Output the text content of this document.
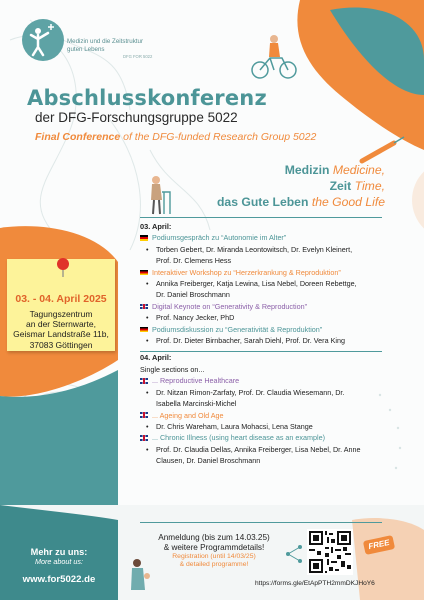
Medizin und die Zeitstruktur
guten Lebens
DFG FOR 5022
Abschlusskonferenz
der DFG-Forschungsgruppe 5022
Final Conference of the DFG-funded Research Group 5022
Medizin Medicine,
Zeit Time,
das Gute Leben the Good Life
03. - 04. April 2025
Tagungszentrum
an der Sternwarte,
Geismar Landstraße 11b,
37083 Göttingen
03. April:
Podiumsgespräch zu “Autonomie im Alter”
•	Torben Gebert, Dr. Miranda Leontowitsch, Dr. Evelyn Kleinert,
Prof. Dr. Clemens Hess
Interaktiver Workshop zu “Herzerkrankung & Reproduktion”
•	Annika Freiberger, Katja Lewina, Lisa Nebel, Doreen Rebettge,
Dr. Daniel Broschmann
Digital Keynote on “Generativity & Reproduction”
•	Prof. Nancy Jecker, PhD
Podiumsdiskussion zu “Generativität & Reproduktion”
•	Prof. Dr. Dieter Birnbacher, Sarah Diehl, Prof. Dr. Vera King
04. April:
Single sections on...
... Reproductive Healthcare
•	Dr. Nitzan Rimon-Zarfaty, Prof. Dr. Claudia Wiesemann, Dr.
Isabella Marcinski-Michel
... Ageing and Old Age
•	Dr. Chris Wareham, Laura Mohacsi, Lena Stange
... Chronic Illness (using heart disease as an example)
•	Prof. Dr. Claudia Dellas, Annika Freiberger, Lisa Nebel, Dr. Anne
Clausen, Dr. Daniel Broschmann
Anmeldung (bis zum 14.03.25)
& weitere Programmdetails!
Registration (until 14/03/25)
& detailed programme!
FREE
https://forms.gle/EtApPTH2mmDKJHoY6
Mehr zu uns:
More about us:
www.for5022.de
